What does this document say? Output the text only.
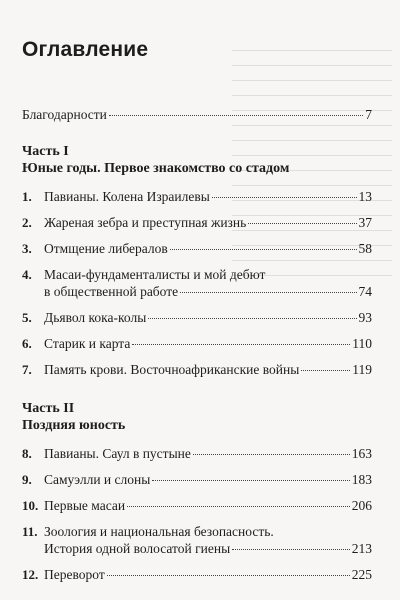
Оглавление
Благодарности	7
Часть I
Юные годы. Первое знакомство со стадом
1. Павианы. Колена Израилевы	13
2. Жареная зебра и преступная жизнь	37
3. Отмщение либералов	58
4. Масаи-фундаменталисты и мой дебют
в общественной работе	74
5. Дьявол кока-колы	93
6. Старик и карта	110
7. Память крови. Восточноафриканские войны	119
Часть II
Поздняя юность
8. Павианы. Саул в пустыне	163
9. Самуэлли и слоны	183
10. Первые масаи	206
11. Зоология и национальная безопасность.
История одной волосатой гиены	213
12. Переворот	225
